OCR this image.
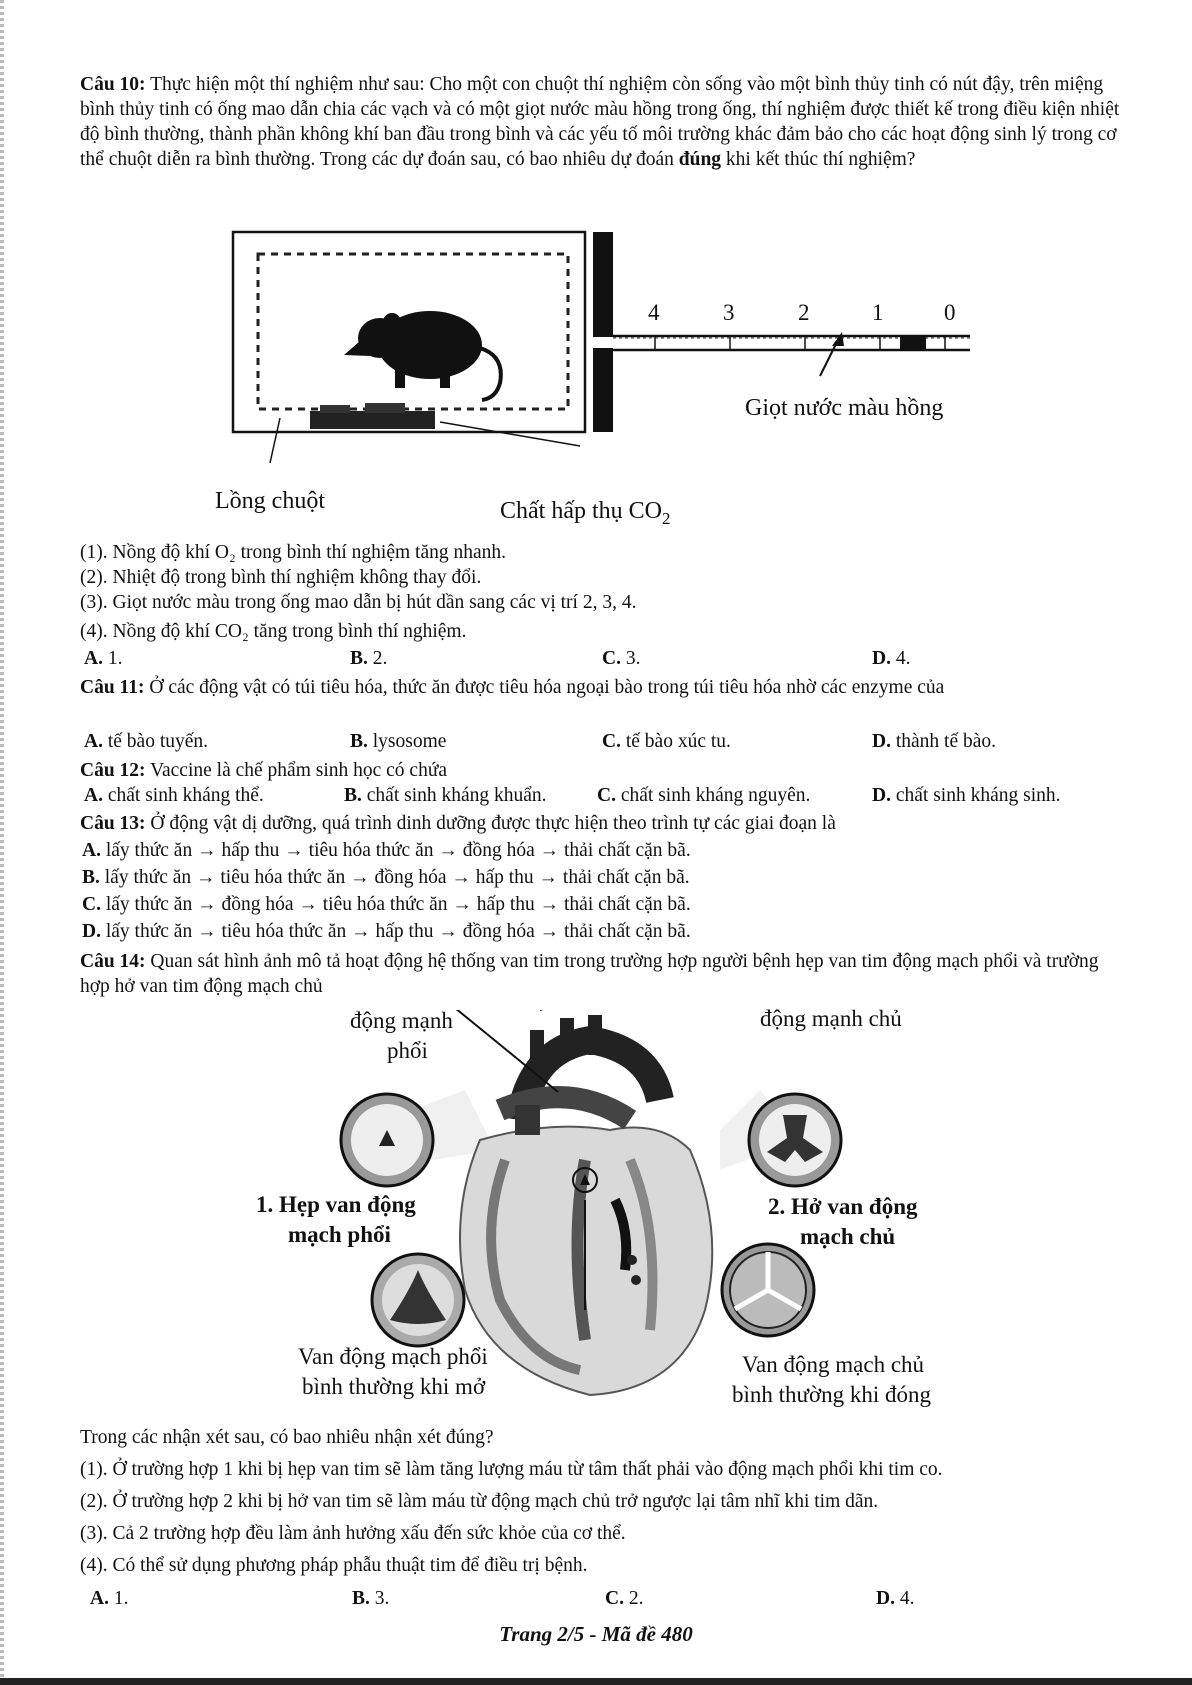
Câu 10: Thực hiện một thí nghiệm như sau: Cho một con chuột thí nghiệm còn sống vào một bình thủy tinh có nút đậy, trên miệng bình thủy tinh có ống mao dẫn chia các vạch và có một giọt nước màu hồng trong ống, thí nghiệm được thiết kế trong điều kiện nhiệt độ bình thường, thành phần không khí ban đầu trong bình và các yếu tố môi trường khác đảm bảo cho các hoạt động sinh lý trong cơ thể chuột diễn ra bình thường. Trong các dự đoán sau, có bao nhiêu dự đoán đúng khi kết thúc thí nghiệm?
4	3	2	1	0
Giọt nước màu hồng
Lồng chuột	Chất hấp thụ $CO_2$
(1). Nồng độ khí O₂ trong bình thí nghiệm tăng nhanh.
(2). Nhiệt độ trong bình thí nghiệm không thay đổi.
(3). Giọt nước màu trong ống mao dẫn bị hút dần sang các vị trí 2, 3, 4.
(4). Nồng độ khí CO₂ tăng trong bình thí nghiệm.
A. 1.	B. 2.	C. 3.	D. 4.
Câu 11: Ở các động vật có túi tiêu hóa, thức ăn được tiêu hóa ngoại bào trong túi tiêu hóa nhờ các enzyme của
A. tế bào tuyến.	B. lysosome	C. tế bào xúc tu.	D. thành tế bào.
Câu 12: Vaccine là chế phẩm sinh học có chứa
A. chất sinh kháng thể.	B. chất sinh kháng khuẩn.	C. chất sinh kháng nguyên.	D. chất sinh kháng sinh.
Câu 13: Ở động vật dị dưỡng, quá trình dinh dưỡng được thực hiện theo trình tự các giai đoạn là
A. lấy thức ăn → hấp thu → tiêu hóa thức ăn → đồng hóa → thải chất cặn bã.
B. lấy thức ăn → tiêu hóa thức ăn → đồng hóa → hấp thu → thải chất cặn bã.
C. lấy thức ăn → đồng hóa → tiêu hóa thức ăn → hấp thu → thải chất cặn bã.
D. lấy thức ăn → tiêu hóa thức ăn → hấp thu → đồng hóa → thải chất cặn bã.
Câu 14: Quan sát hình ảnh mô tả hoạt động hệ thống van tim trong trường hợp người bệnh hẹp van tim động mạch phổi và trường hợp hở van tim động mạch chủ
động mạnh
phổi
động mạnh chủ
1. Hẹp van động
mạch phổi
2. Hở van động
mạch chủ
Van động mạch phổi
bình thường khi mở
Van động mạch chủ
bình thường khi đóng
Trong các nhận xét sau, có bao nhiêu nhận xét đúng?
(1). Ở trường hợp 1 khi bị hẹp van tim sẽ làm tăng lượng máu từ tâm thất phải vào động mạch phổi khi tim co.
(2). Ở trường hợp 2 khi bị hở van tim sẽ làm máu từ động mạch chủ trở ngược lại tâm nhĩ khi tim dãn.
(3). Cả 2 trường hợp đều làm ảnh hưởng xấu đến sức khỏe của cơ thể.
(4). Có thể sử dụng phương pháp phẫu thuật tim để điều trị bệnh.
A. 1.	B. 3.	C. 2.	D. 4.
Trang 2/5 - Mã đề 480
